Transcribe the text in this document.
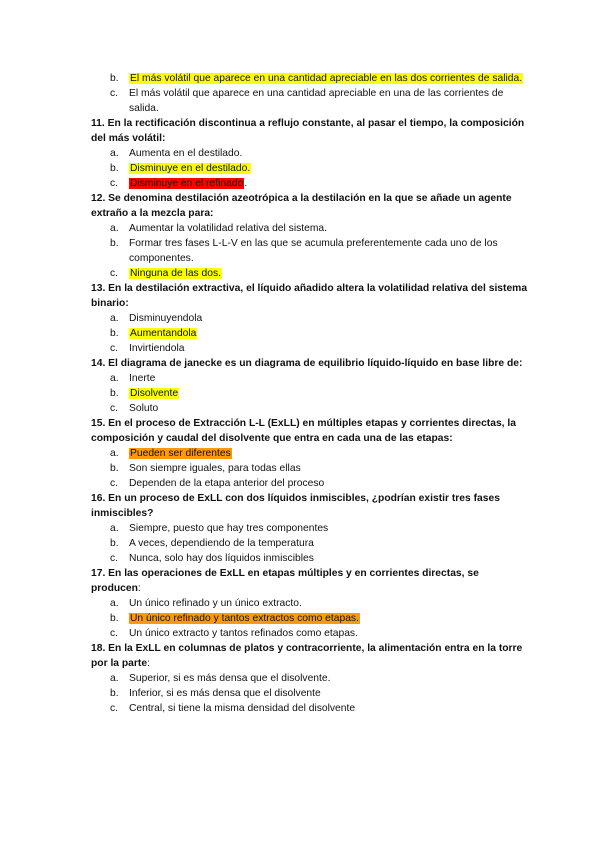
b.	El más volátil que aparece en una cantidad apreciable en las dos corrientes de salida.
c.	El más volátil que aparece en una cantidad apreciable en una de las corrientes de salida.
11. En la rectificación discontinua a reflujo constante, al pasar el tiempo, la composición del más volátil:
a.	Aumenta en el destilado.
b.	Disminuye en el destilado.
c.	Disminuye en el refinado.
12. Se denomina destilación azeotrópica a la destilación en la que se añade un agente extraño a la mezcla para:
a.	Aumentar la volatilidad relativa del sistema.
b.	Formar tres fases L-L-V en las que se acumula preferentemente cada uno de los componentes.
c.	Ninguna de las dos.
13. En la destilación extractiva, el líquido añadido altera la volatilidad relativa del sistema binario:
a.	Disminuyendola
b.	Aumentandola
c.	Invirtiendola
14. El diagrama de janecke es un diagrama de equilibrio líquido-líquido en base libre de:
a.	Inerte
b.	Disolvente
c.	Soluto
15. En el proceso de Extracción L-L (ExLL) en múltiples etapas y corrientes directas, la composición y caudal del disolvente que entra en cada una de las etapas:
a.	Pueden ser diferentes
b.	Son siempre iguales, para todas ellas
c.	Dependen de la etapa anterior del proceso
16. En un proceso de ExLL con dos líquidos inmiscibles, ¿podrían existir tres fases inmiscibles?
a.	Siempre, puesto que hay tres componentes
b.	A veces, dependiendo de la temperatura
c.	Nunca, solo hay dos líquidos inmiscibles
17. En las operaciones de ExLL en etapas múltiples y en corrientes directas, se producen:
a.	Un único refinado y un único extracto.
b.	Un único refinado y tantos extractos como etapas.
c.	Un único extracto y tantos refinados como etapas.
18. En la ExLL en columnas de platos y contracorriente, la alimentación entra en la torre por la parte:
a.	Superior, si es más densa que el disolvente.
b.	Inferior, si es más densa que el disolvente
c.	Central, si tiene la misma densidad del disolvente
